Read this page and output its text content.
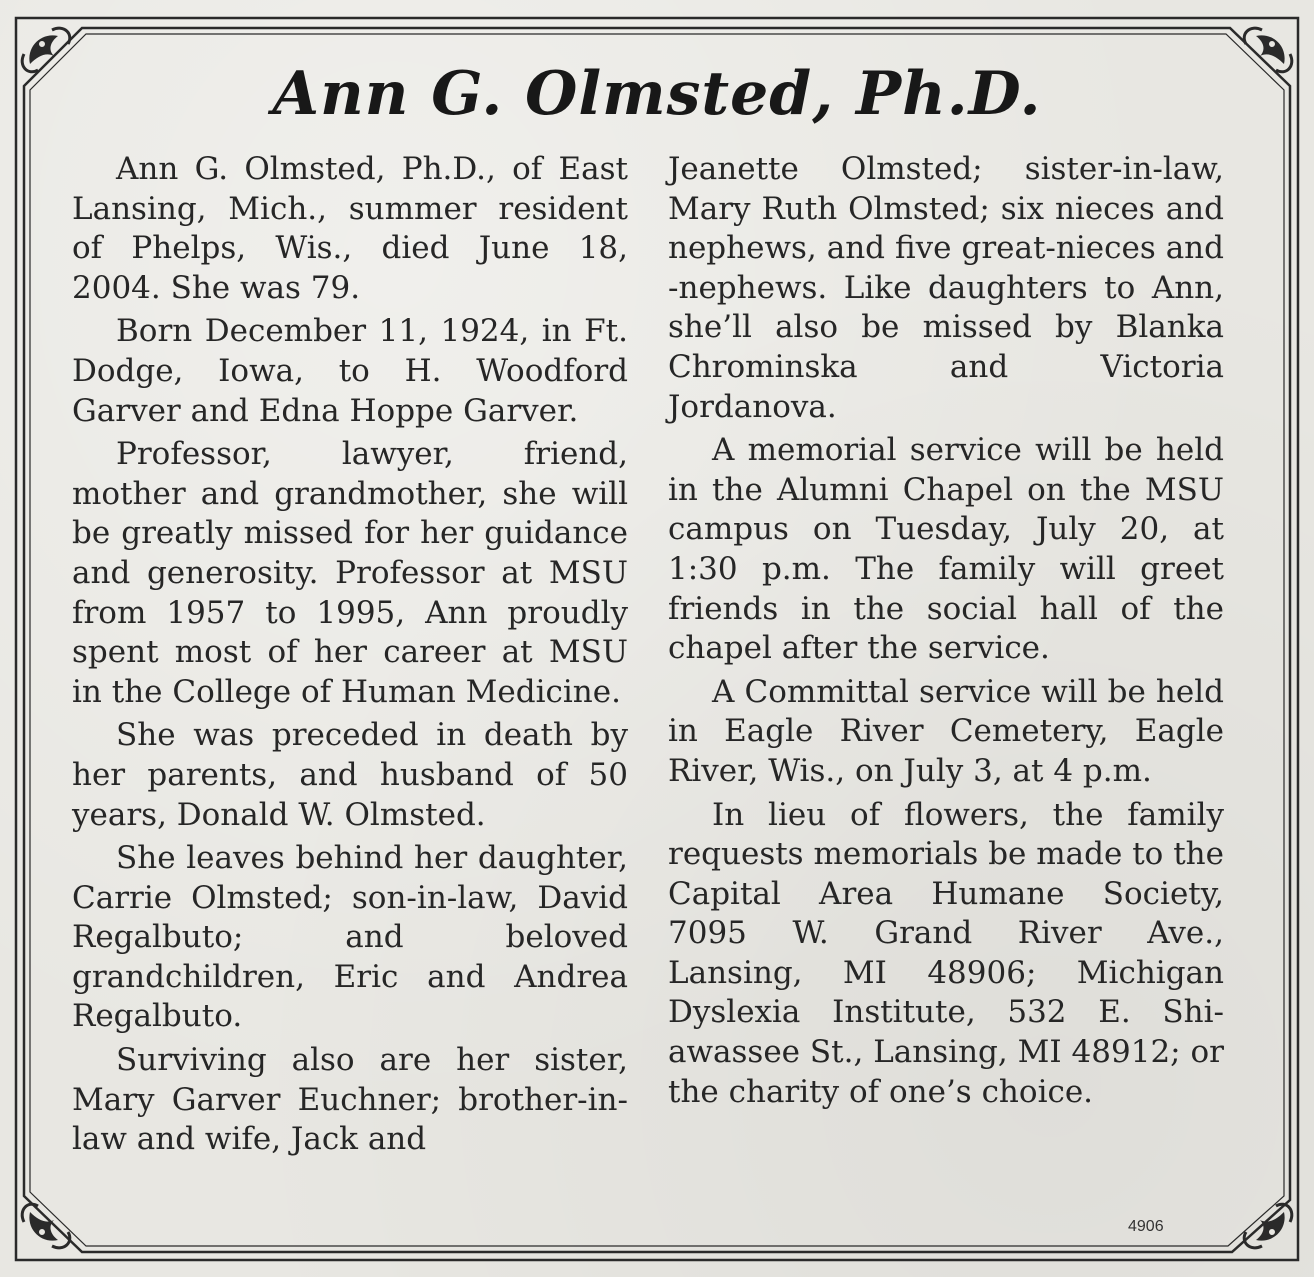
Ann G. Olmsted, Ph.D.

Ann G. Olmsted, Ph.D., of East Lansing, Mich., summer resident of Phelps, Wis., died June 18, 2004. She was 79.

Born December 11, 1924, in Ft. Dodge, Iowa, to H. Woodford Garver and Edna Hoppe Garver.

Professor, lawyer, friend, mother and grandmother, she will be greatly missed for her guidance and generosity. Professor at MSU from 1957 to 1995, Ann proudly spent most of her career at MSU in the College of Human Medicine.

She was preceded in death by her parents, and husband of 50 years, Donald W. Olmsted.

She leaves behind her daughter, Carrie Olmsted; son-in-law, David Regalbuto; and beloved grandchildren, Eric and Andrea Regalbuto.

Surviving also are her sister, Mary Garver Euchner; brother-in-law and wife, Jack and

Jeanette Olmsted; sister-in-law, Mary Ruth Olmsted; six nieces and nephews, and five great-nieces and -nephews. Like daughters to Ann, she’ll also be missed by Blanka Chrominska and Victoria Jordanova.

A memorial service will be held in the Alumni Chapel on the MSU campus on Tuesday, July 20, at 1:30 p.m. The family will greet friends in the social hall of the chapel after the service.

A Committal service will be held in Eagle River Cemetery, Eagle River, Wis., on July 3, at 4 p.m.

In lieu of flowers, the family requests memorials be made to the Capital Area Humane Society, 7095 W. Grand River Ave., Lansing, MI 48906; Michigan Dyslexia Institute, 532 E. Shiawassee St., Lansing, MI 48912; or the charity of one’s choice.

4906
